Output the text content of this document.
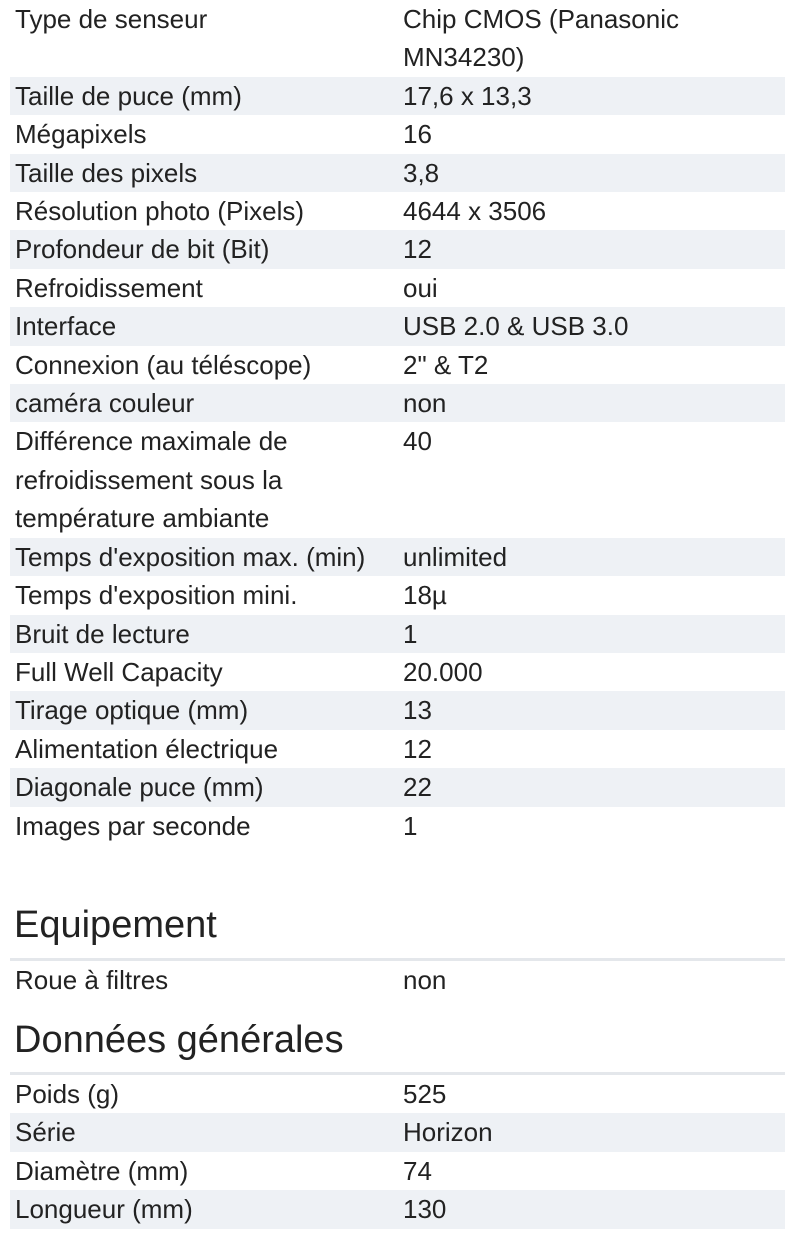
Type de senseur	Chip CMOS (Panasonic MN34230)
Taille de puce (mm)	17,6 x 13,3
Mégapixels	16
Taille des pixels	3,8
Résolution photo (Pixels)	4644 x 3506
Profondeur de bit (Bit)	12
Refroidissement	oui
Interface	USB 2.0 & USB 3.0
Connexion (au téléscope)	2" & T2
caméra couleur	non
Différence maximale de refroidissement sous la température ambiante	40
Temps d'exposition max. (min)	unlimited
Temps d'exposition mini.	18µ
Bruit de lecture	1
Full Well Capacity	20.000
Tirage optique (mm)	13
Alimentation électrique	12
Diagonale puce (mm)	22
Images par seconde	1
Equipement
Roue à filtres	non
Données générales
Poids (g)	525
Série	Horizon
Diamètre (mm)	74
Longueur (mm)	130
